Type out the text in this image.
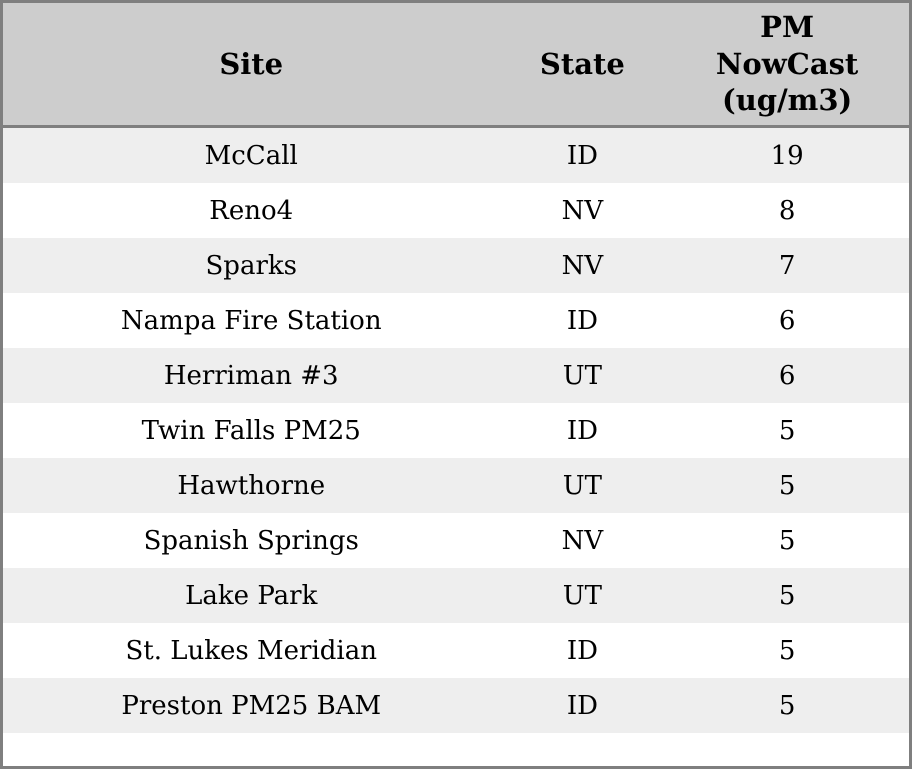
Site	State	PM NowCast (ug/m3)
McCall	ID	19
Reno4	NV	8
Sparks	NV	7
Nampa Fire Station	ID	6
Herriman #3	UT	6
Twin Falls PM25	ID	5
Hawthorne	UT	5
Spanish Springs	NV	5
Lake Park	UT	5
St. Lukes Meridian	ID	5
Preston PM25 BAM	ID	5
